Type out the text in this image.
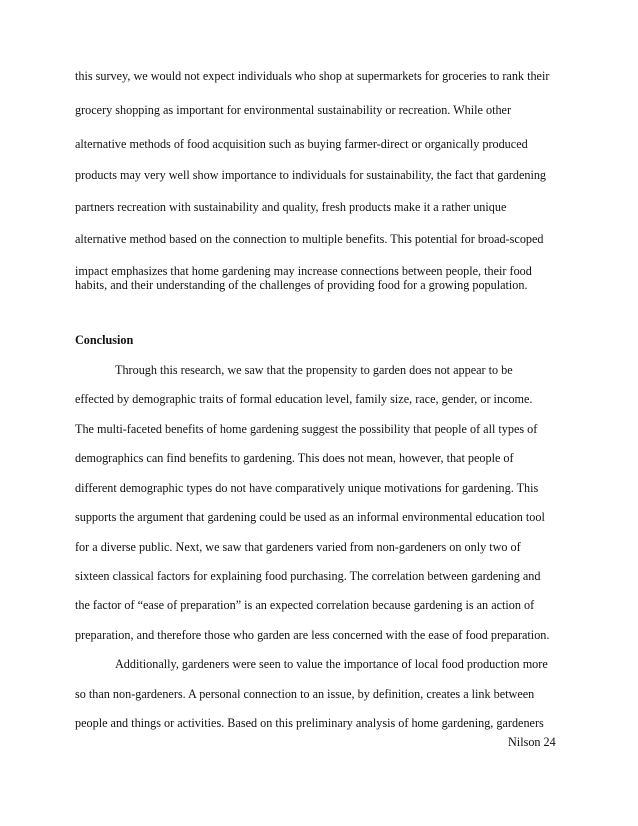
this survey, we would not expect individuals who shop at supermarkets for groceries to rank their
grocery shopping as important for environmental sustainability or recreation. While other
alternative methods of food acquisition such as buying farmer-direct or organically produced
products may very well show importance to individuals for sustainability, the fact that gardening
partners recreation with sustainability and quality, fresh products make it a rather unique
alternative method based on the connection to multiple benefits. This potential for broad-scoped
impact emphasizes that home gardening may increase connections between people, their food
habits, and their understanding of the challenges of providing food for a growing population.
Conclusion
Through this research, we saw that the propensity to garden does not appear to be
effected by demographic traits of formal education level, family size, race, gender, or income.
The multi-faceted benefits of home gardening suggest the possibility that people of all types of
demographics can find benefits to gardening. This does not mean, however, that people of
different demographic types do not have comparatively unique motivations for gardening. This
supports the argument that gardening could be used as an informal environmental education tool
for a diverse public. Next, we saw that gardeners varied from non-gardeners on only two of
sixteen classical factors for explaining food purchasing. The correlation between gardening and
the factor of “ease of preparation” is an expected correlation because gardening is an action of
preparation, and therefore those who garden are less concerned with the ease of food preparation.
Additionally, gardeners were seen to value the importance of local food production more
so than non-gardeners. A personal connection to an issue, by definition, creates a link between
people and things or activities. Based on this preliminary analysis of home gardening, gardeners
Nilson 24
